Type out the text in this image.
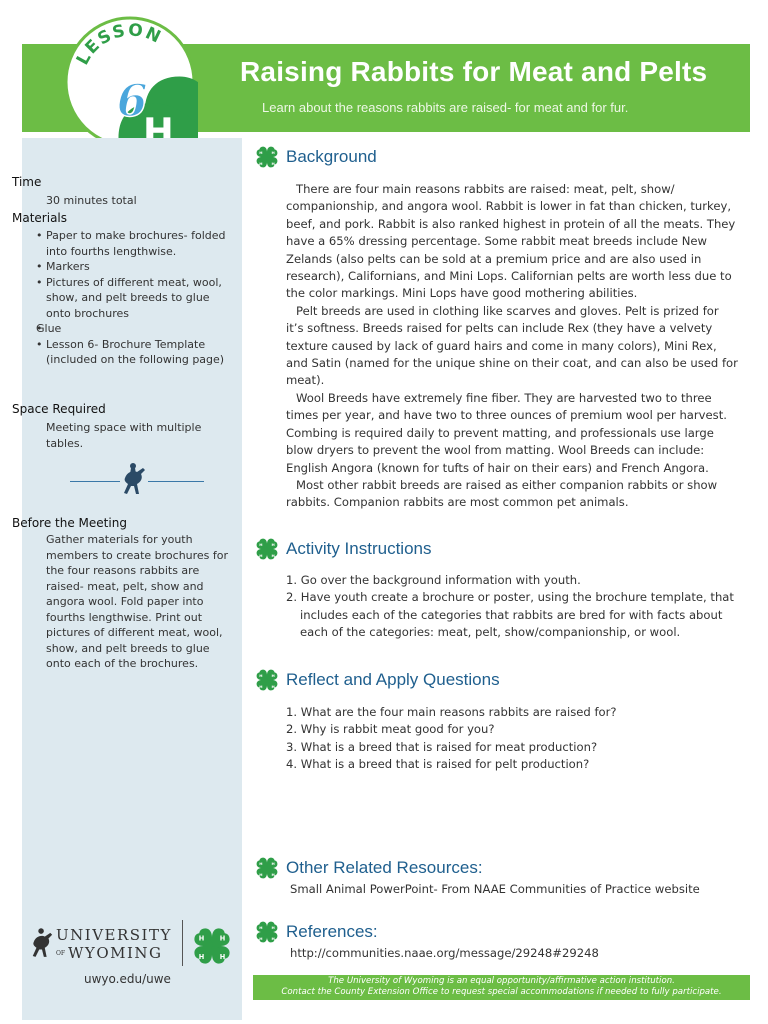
Raising Rabbits for Meat and Pelts
Learn about the reasons rabbits are raised- for meat and for fur.
LESSON
6
Time
30 minutes total
Materials
• Paper to make brochures- folded into fourths lengthwise.
• Markers
• Pictures of different meat, wool, show, and pelt breeds to glue onto brochures
• Glue
• Lesson 6- Brochure Template (included on the following page)
Space Required
Meeting space with multiple tables.
Before the Meeting
Gather materials for youth members to create brochures for the four reasons rabbits are raised- meat, pelt, show and angora wool. Fold paper into fourths lengthwise. Print out pictures of different meat, wool, show, and pelt breeds to glue onto each of the brochures.
UNIVERSITY
OF WYOMING
uwyo.edu/uwe
Background

There are four main reasons rabbits are raised: meat, pelt, show/ companionship, and angora wool. Rabbit is lower in fat than chicken, turkey, beef, and pork. Rabbit is also ranked highest in protein of all the meats. They have a 65% dressing percentage. Some rabbit meat breeds include New Zelands (also pelts can be sold at a premium price and are also used in research), Californians, and Mini Lops. Californian pelts are worth less due to the color markings. Mini Lops have good mothering abilities.

Pelt breeds are used in clothing like scarves and gloves. Pelt is prized for it’s softness. Breeds raised for pelts can include Rex (they have a velvety texture caused by lack of guard hairs and come in many colors), Mini Rex, and Satin (named for the unique shine on their coat, and can also be used for meat).

Wool Breeds have extremely fine fiber. They are harvested two to three times per year, and have two to three ounces of premium wool per harvest. Combing is required daily to prevent matting, and professionals use large blow dryers to prevent the wool from matting. Wool Breeds can include: English Angora (known for tufts of hair on their ears) and French Angora.

Most other rabbit breeds are raised as either companion rabbits or show rabbits. Companion rabbits are most common pet animals.

Activity Instructions
1. Go over the background information with youth.
2. Have youth create a brochure or poster, using the brochure template, that includes each of the categories that rabbits are bred for with facts about each of the categories: meat, pelt, show/companionship, or wool.
Reflect and Apply Questions
1. What are the four main reasons rabbits are raised for?
2. Why is rabbit meat good for you?
3. What is a breed that is raised for meat production?
4. What is a breed that is raised for pelt production?
Other Related Resources:
Small Animal PowerPoint- From NAAE Communities of Practice website
References:
http://communities.naae.org/message/29248#29248
The University of Wyoming is an equal opportunity/affirmative action institution.
Contact the County Extension Office to request special accommodations if needed to fully participate.
